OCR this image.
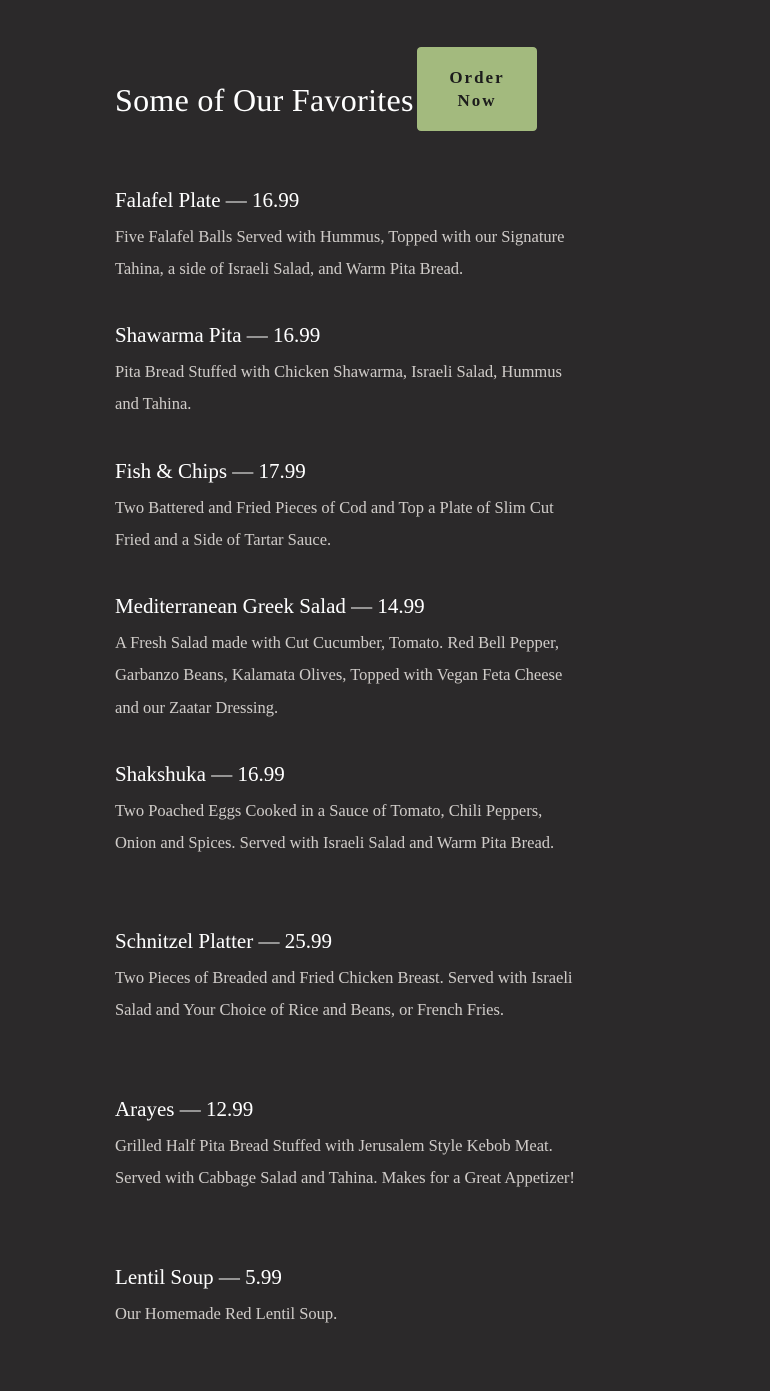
Some of Our Favorites
Order Now
Falafel Plate — 16.99

Five Falafel Balls Served with Hummus, Topped with our Signature Tahina, a side of Israeli Salad, and Warm Pita Bread.

Shawarma Pita — 16.99

Pita Bread Stuffed with Chicken Shawarma, Israeli Salad, Hummus and Tahina.

Fish & Chips — 17.99

Two Battered and Fried Pieces of Cod and Top a Plate of Slim Cut Fried and a Side of Tartar Sauce.

Mediterranean Greek Salad — 14.99

A Fresh Salad made with Cut Cucumber, Tomato. Red Bell Pepper, Garbanzo Beans, Kalamata Olives, Topped with Vegan Feta Cheese and our Zaatar Dressing.

Shakshuka — 16.99

Two Poached Eggs Cooked in a Sauce of Tomato, Chili Peppers, Onion and Spices. Served with Israeli Salad and Warm Pita Bread.

Schnitzel Platter — 25.99

Two Pieces of Breaded and Fried Chicken Breast. Served with Israeli Salad and Your Choice of Rice and Beans, or French Fries.

Arayes — 12.99

Grilled Half Pita Bread Stuffed with Jerusalem Style Kebob Meat. Served with Cabbage Salad and Tahina. Makes for a Great Appetizer!

Lentil Soup — 5.99

Our Homemade Red Lentil Soup.
